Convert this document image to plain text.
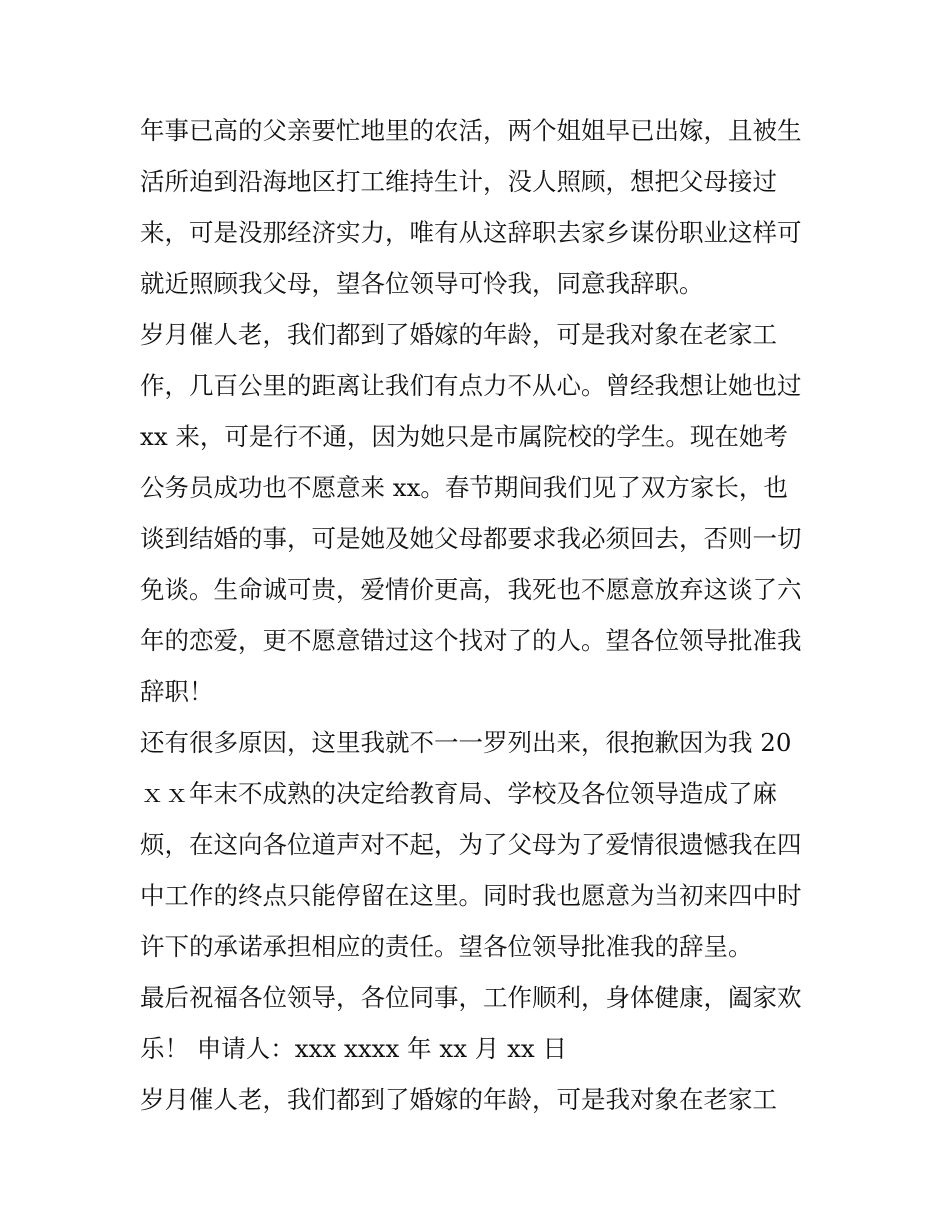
年事已高的父亲要忙地里的农活，两个姐姐早已出嫁，且被生
活所迫到沿海地区打工维持生计，没人照顾，想把父母接过
来，可是没那经济实力，唯有从这辞职去家乡谋份职业这样可
就近照顾我父母，望各位领导可怜我，同意我辞职。
岁月催人老，我们都到了婚嫁的年龄，可是我对象在老家工
作，几百公里的距离让我们有点力不从心。曾经我想让她也过
xx 来，可是行不通，因为她只是市属院校的学生。现在她考
公务员成功也不愿意来 xx。春节期间我们见了双方家长，也
谈到结婚的事，可是她及她父母都要求我必须回去，否则一切
免谈。生命诚可贵，爱情价更高，我死也不愿意放弃这谈了六
年的恋爱，更不愿意错过这个找对了的人。望各位领导批准我
辞职！
还有很多原因，这里我就不一一罗列出来，很抱歉因为我 20
ｘｘ年末不成熟的决定给教育局、学校及各位领导造成了麻
烦，在这向各位道声对不起，为了父母为了爱情很遗憾我在四
中工作的终点只能停留在这里。同时我也愿意为当初来四中时
许下的承诺承担相应的责任。望各位领导批准我的辞呈。
最后祝福各位领导，各位同事，工作顺利，身体健康，阖家欢
乐！ 申请人：xxx xxxx 年 xx 月 xx 日
岁月催人老，我们都到了婚嫁的年龄，可是我对象在老家工
